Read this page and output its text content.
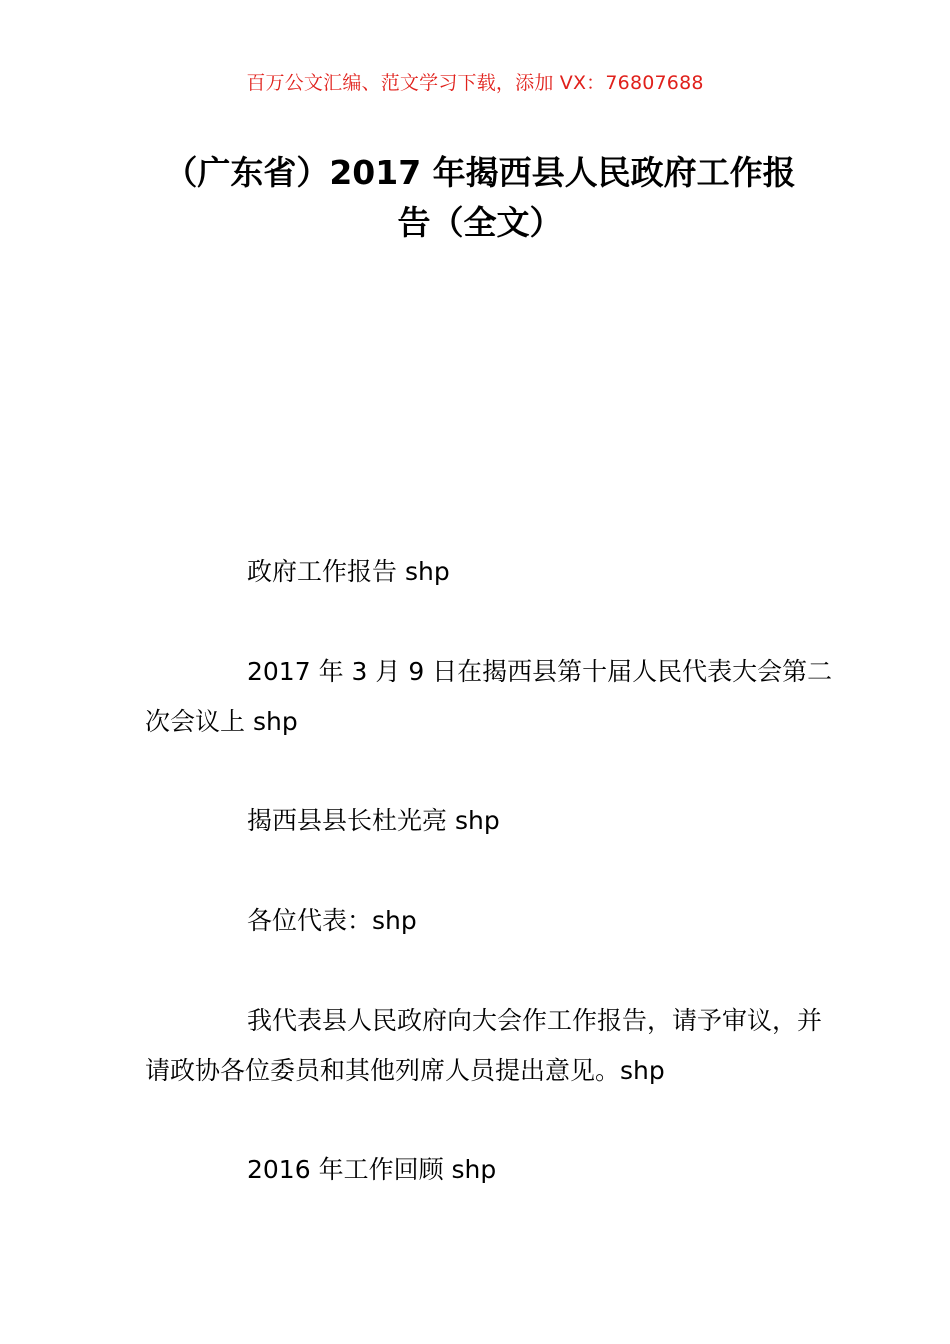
百万公文汇编、范文学习下载，添加 VX：76807688
（广东省）2017 年揭西县人民政府工作报告（全文）
政府工作报告 shp
2017 年 3 月 9 日在揭西县第十届人民代表大会第二次会议上 shp
揭西县县长杜光亮 shp
各位代表：shp
我代表县人民政府向大会作工作报告，请予审议，并请政协各位委员和其他列席人员提出意见。shp
2016 年工作回顾 shp
